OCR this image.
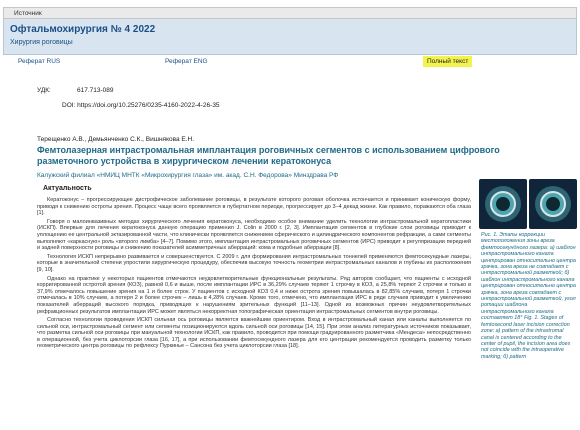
Источник
Офтальмохирургия № 4 2022
Хирургия роговицы
Реферат RUS	Реферат ENG	Полный текст
УДК:	617.713-089
DOI: https://doi.org/10.25276/0235-4160-2022-4-26-35
Терещенко А.В., Демьянченко С.К., Вишнякова Е.Н.
Фемтолазерная интрастромальная имплантация роговичных сегментов с использованием цифрового разметочного устройства в хирургическом лечении кератоконуса
Калужский филиал «НМИЦ МНТК «Микрохирургия глаза» им. акад. С.Н. Федорова» Минздрава РФ
Актуальность

Кератоконус – прогрессирующее дистрофическое заболевание роговицы, в результате которого роговая оболочка истончается и принимает коническую форму, приводя к снижению остроты зрения. Процесс чаще всего проявляется в пубертатном периоде, прогрессирует до 3–4 декад жизни. Как правило, поражаются оба глаза [1].

Говоря о малоинвазивных методах хирургического лечения кератоконуса, необходимо особое внимание уделить технологии интрастромальной кератопластики (ИСКП). Впервые для лечения кератоконуса данную операцию применил J. Colin в 2000 г. [2, 3]. Имплантация сегментов в глубокие слои роговицы приводит к уплощению ее центральной эктазированной части, что клинически проявляется снижением сферического и цилиндрического компонентов рефракции, а сами сегменты выполняют «каркасную» роль «второго лимба» [4–7]. Помимо этого, имплантация интрастромальных роговичных сегментов (ИРС) приводит к регуляризации передней и задней поверхности роговицы и снижению показателей асимметричных аберраций: кома и подобные аберрации [8].

Технология ИСКП непрерывно развивается и совершенствуется. С 2009 г. для формирования интрастромальных тоннелей применяются фемтосекундные лазеры, которые в значительной степени упростили хирургическую процедуру, обеспечив высокую точность геометрии интрастромальных каналов и глубины их расположения [9, 10].

Однако на практике у некоторых пациентов отмечаются неудовлетворительные функциональные результаты. Ряд авторов сообщает, что пациенты с исходной корригированной остротой зрения (КОЗ), равной 0,6 и выше, после имплантации ИРС в 36,29% случаев теряют 1 строчку в КОЗ, а 25,8% теряют 2 строчки и только в 37,9% отмечалось повышение зрения на 1 и более строк. У пациентов с исходной КОЗ 0,4 и ниже острота зрения повышалась в 82,85% случаев, потеря 1 строчки отмечалась в 10% случаев, а потеря 2 и более строчек – лишь в 4,28% случаев. Кроме того, отмечено, что имплантация ИРС в ряде случаев приводит к увеличению показателей аберраций высокого порядка, приводящих к нарушениям зрительных функций [11–13]. Одной из возможных причин неудовлетворительных рефракционных результатов имплантации ИРС может являться некорректная топографическая ориентация интрастромальных сегментов внутри роговицы.

Согласно технологии проведения ИСКП сильная ось роговицы является важнейшим ориентиром. Вход в интрастромальный канал или каналы выполняется по сильной оси, интрастромальный сегмент или сегменты позиционируются вдоль сильной оси роговицы [14, 15]. При этом анализ литературных источников показывает, что разметка сильной оси роговицы при мануальной технологии ИСКП, как правило, проводится при помощи градуированного разметчика «Мендеса» непосредственно в операционной, без учета циклоторсии глаза [16, 17], а при использовании фемтосекундного лазера для его центрации рекомендуется проводить разметку только геометрического центра роговицы по рефлексу Пуркинье – Сансона без учета циклоторсии глаза [18].

Рис. 1. Этапы коррекции местоположения зоны вреза фемтосекундного лазера: а) шаблон интрастромального канала центрирован относительно центра зрачка, зона вреза не совпадает с интрастромальной разметкой; б) шаблон интрастромального канала центрирован относительно центра зрачка, зона вреза совпадает с интрастромальной разметкой, угол ротации шаблона интрастромального канала составляет 18° Fig. 1. Stages of femtosecond laser incision correction zone: a) pattern of the intrastromal canal is centered according to the center of pupil, the incision area does not coincide with the intraoperative marking; б) pattern
